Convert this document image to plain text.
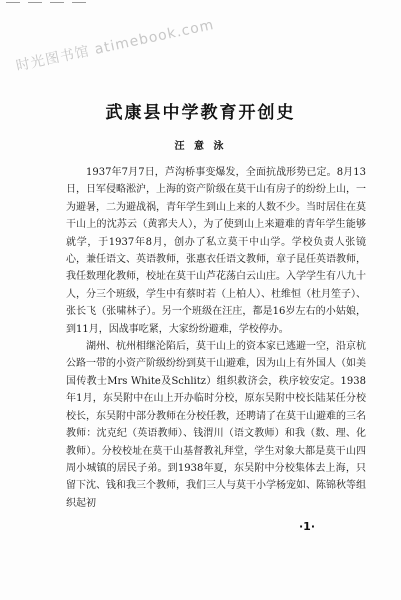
时光图书馆 atimebook.com
武康县中学教育开创史
汪 意 泳

1937年7月7日，芦沟桥事变爆发，全面抗战形势已定。8月13日，日军侵略淞沪，上海的资产阶级在莫干山有房子的纷纷上山，一为避暑，二为避战祸，青年学生到山上来的人数不少。当时居住在莫干山上的沈苏云（黄郛夫人），为了使到山上来避难的青年学生能够就学，于1937年8月，创办了私立莫干中山学。学校负责人张镜心，兼任语文、英语教师，张惠衣任语文教师，章子昆任英语教师，我任数理化教师，校址在莫干山芦花荡白云山庄。入学学生有八九十人，分三个班级，学生中有蔡时若（上柏人）、杜维恒（杜月笙子）、张长飞（张啸林子）。另一个班级在汪庄，都是16岁左右的小姑娘，到11月，因战事吃紧，大家纷纷避难，学校停办。

湖州、杭州相继沦陷后，莫干山上的资本家已逃避一空，沿京杭公路一带的小资产阶级纷纷到莫干山避难，因为山上有外国人（如美国传教士Mrs White及Schlitz）组织救济会，秩序较安定。1938年1月，东吴附中在山上开办临时分校，原东吴附中校长陆某任分校校长，东吴附中部分教师在分校任教，还聘请了在莫干山避难的三名教师：沈克纪（英语教师）、钱渭川（语文教师）和我（数、理、化教师）。分校校址在莫干山基督教礼拜堂，学生对象大都是莫干山四周小城镇的居民子弟。到1938年夏，东吴附中分校集体去上海，只留下沈、钱和我三个教师，我们三人与莫干小学杨宠如、陈锦秋等组织起初

·1·
